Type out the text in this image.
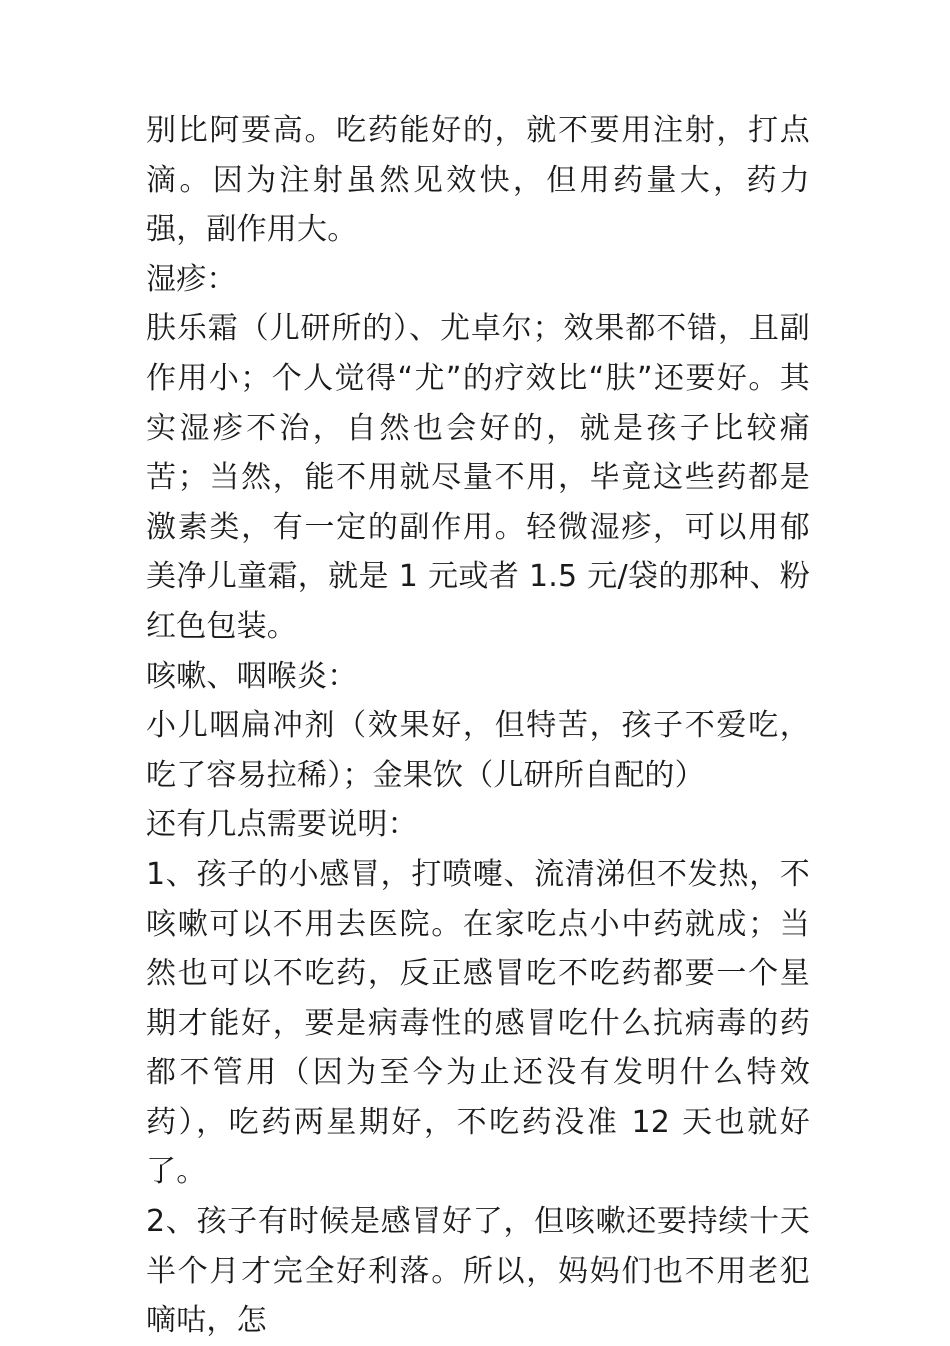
别比阿要高。吃药能好的，就不要用注射，打点滴。因为注射虽然见效快，但用药量大，药力强，副作用大。

湿疹：

肤乐霜（儿研所的）、尤卓尔；效果都不错，且副作用小；个人觉得“尤”的疗效比“肤”还要好。其实湿疹不治，自然也会好的，就是孩子比较痛苦；当然，能不用就尽量不用，毕竟这些药都是激素类，有一定的副作用。轻微湿疹，可以用郁美净儿童霜，就是 1 元或者 1.5 元/袋的那种、粉红色包装。

咳嗽、咽喉炎：

小儿咽扁冲剂（效果好，但特苦，孩子不爱吃，吃了容易拉稀）；金果饮（儿研所自配的）

还有几点需要说明：

1、孩子的小感冒，打喷嚏、流清涕但不发热，不咳嗽可以不用去医院。在家吃点小中药就成；当然也可以不吃药，反正感冒吃不吃药都要一个星期才能好，要是病毒性的感冒吃什么抗病毒的药都不管用（因为至今为止还没有发明什么特效药），吃药两星期好，不吃药没准 12 天也就好了。

2、孩子有时候是感冒好了，但咳嗽还要持续十天半个月才完全好利落。所以，妈妈们也不用老犯嘀咕，怎
